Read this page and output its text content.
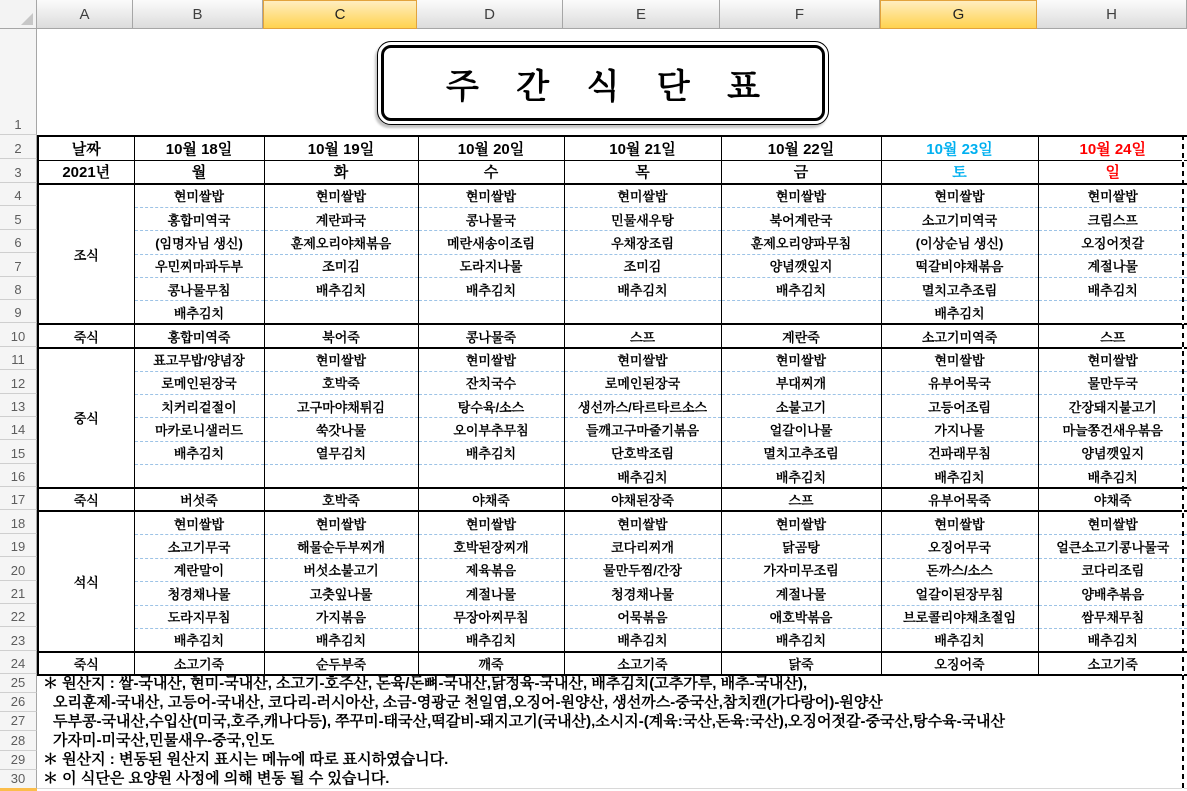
A	B	C	D	E	F	G	H
1
2
3
4
5
6
7
8
9
10
11
12
13
14
15
16
17
18
19
20
21
22
23
24
25
26
27
28
29
30
주 간 식 단 표
날짜	10월 18일	10월 19일	10월 20일	10월 21일	10월 22일	10월 23일	10월 24일
2021년	월	화	수	목	금	토	일
조식	현미쌀밥	현미쌀밥	현미쌀밥	현미쌀밥	현미쌀밥	현미쌀밥	현미쌀밥
	홍합미역국	계란파국	콩나물국	민물새우탕	북어계란국	소고기미역국	크림스프
	(임명자님 생신)	훈제오리야채볶음	메란새송이조림	우채장조림	훈제오리양파무침	(이상순님 생신)	오징어젓갈
	우민찌마파두부	조미김	도라지나물	조미김	양념깻잎지	떡갈비야채볶음	계절나물
	콩나물무침	배추김치	배추김치	배추김치	배추김치	멸치고추조림	배추김치
	배추김치					배추김치	
죽식	홍합미역죽	북어죽	콩나물죽	스프	계란죽	소고기미역죽	스프
중식	표고무밥/양념장	현미쌀밥	현미쌀밥	현미쌀밥	현미쌀밥	현미쌀밥	현미쌀밥
	로메인된장국	호박죽	잔치국수	로메인된장국	부대찌개	유부어묵국	물만두국
	치커리겉절이	고구마야채튀김	탕수육/소스	생선까스/타르타르소스	소불고기	고등어조림	간장돼지불고기
	마카로니샐러드	쑥갓나물	오이부추무침	들깨고구마줄기볶음	얼갈이나물	가지나물	마늘쫑건새우볶음
	배추김치	열무김치	배추김치	단호박조림	멸치고추조림	건파래무침	양념깻잎지
				배추김치	배추김치	배추김치	배추김치
죽식	버섯죽	호박죽	야채죽	야채된장죽	스프	유부어묵죽	야채죽
석식	현미쌀밥	현미쌀밥	현미쌀밥	현미쌀밥	현미쌀밥	현미쌀밥	현미쌀밥
	소고기무국	해물순두부찌개	호박된장찌개	코다리찌개	닭곰탕	오징어무국	얼큰소고기콩나물국
	계란말이	버섯소불고기	제육볶음	물만두찜/간장	가자미무조림	돈까스/소스	코다리조림
	청경채나물	고춧잎나물	계절나물	청경채나물	계절나물	얼갈이된장무침	양배추볶음
	도라지무침	가지볶음	무장아찌무침	어묵볶음	애호박볶음	브로콜리야채초절임	쌈무채무침
	배추김치	배추김치	배추김치	배추김치	배추김치	배추김치	배추김치
죽식	소고기죽	순두부죽	깨죽	소고기죽	닭죽	오징어죽	소고기죽
＊ 원산지 : 쌀-국내산, 현미-국내산, 소고기-호주산, 돈육/돈뼈-국내산,닭정육-국내산, 배추김치(고추가루, 배추-국내산),
오리훈제-국내산, 고등어-국내산, 코다리-러시아산, 소금-영광군 천일염,오징어-원양산, 생선까스-중국산,참치캔(가다랑어)-원양산
두부콩-국내산,수입산(미국,호주,캐나다등), 쭈꾸미-태국산,떡갈비-돼지고기(국내산),소시지-(계육:국산,돈육:국산),오징어젓갈-중국산,탕수육-국내산
가자미-미국산,민물새우-중국,인도
＊ 원산지 : 변동된 원산지 표시는 메뉴에 따로 표시하였습니다.
＊ 이 식단은 요양원 사정에 의해 변동 될 수 있습니다.
